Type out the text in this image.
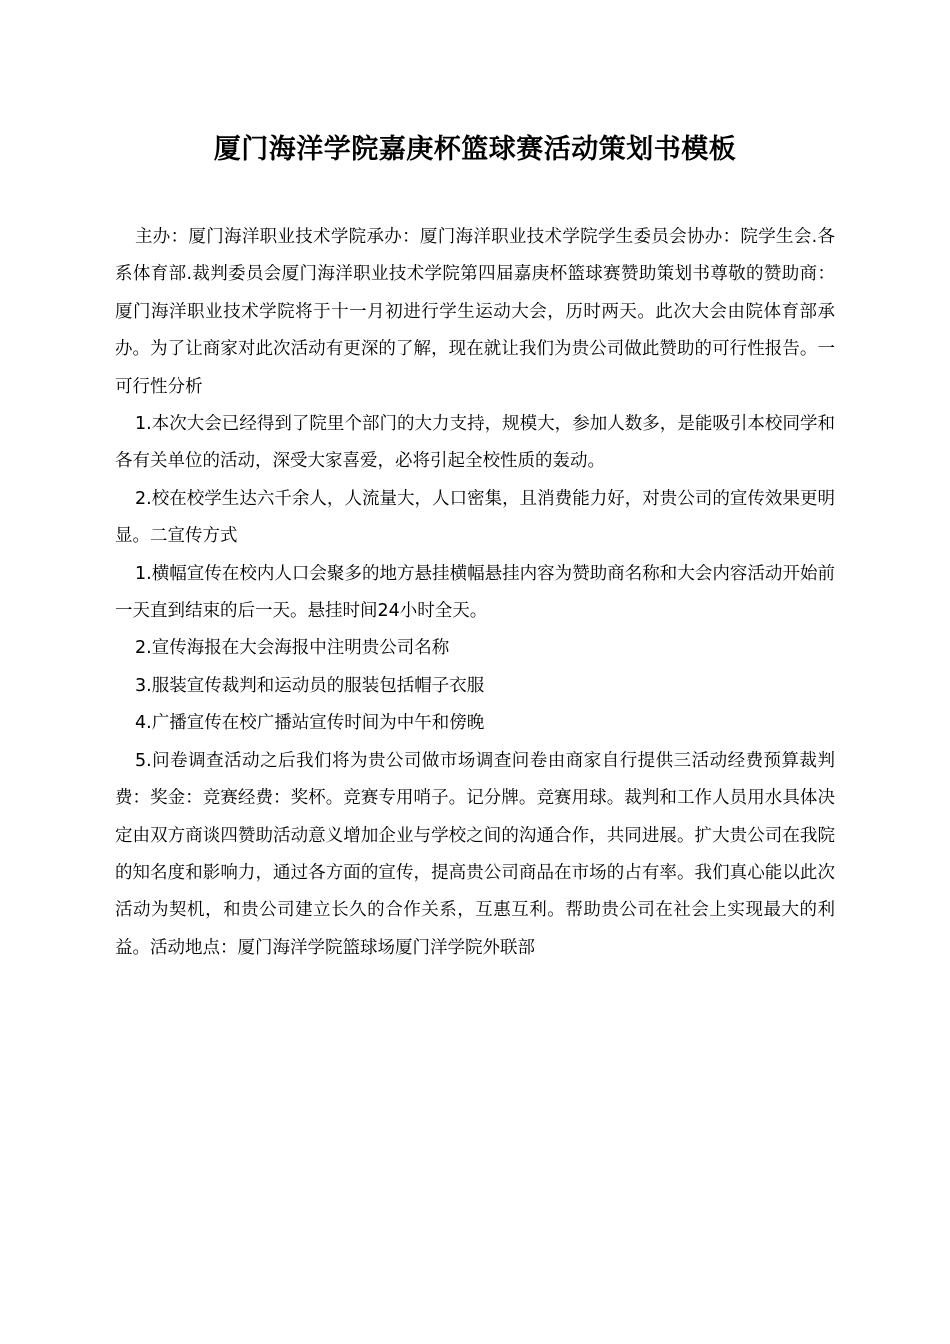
厦门海洋学院嘉庚杯篮球赛活动策划书模板

主办：厦门海洋职业技术学院承办：厦门海洋职业技术学院学生委员会协办：院学生会.各系体育部.裁判委员会厦门海洋职业技术学院第四届嘉庚杯篮球赛赞助策划书尊敬的赞助商：厦门海洋职业技术学院将于十一月初进行学生运动大会，历时两天。此次大会由院体育部承办。为了让商家对此次活动有更深的了解，现在就让我们为贵公司做此赞助的可行性报告。一可行性分析

1.本次大会已经得到了院里个部门的大力支持，规模大，参加人数多，是能吸引本校同学和各有关单位的活动，深受大家喜爱，必将引起全校性质的轰动。

2.校在校学生达六千余人，人流量大，人口密集，且消费能力好，对贵公司的宣传效果更明显。二宣传方式

1.横幅宣传在校内人口会聚多的地方悬挂横幅悬挂内容为赞助商名称和大会内容活动开始前一天直到结束的后一天。悬挂时间24小时全天。

2.宣传海报在大会海报中注明贵公司名称

3.服装宣传裁判和运动员的服装包括帽子衣服

4.广播宣传在校广播站宣传时间为中午和傍晚

5.问卷调查活动之后我们将为贵公司做市场调查问卷由商家自行提供三活动经费预算裁判费：奖金：竞赛经费：奖杯。竞赛专用哨子。记分牌。竞赛用球。裁判和工作人员用水具体决定由双方商谈四赞助活动意义增加企业与学校之间的沟通合作，共同进展。扩大贵公司在我院的知名度和影响力，通过各方面的宣传，提高贵公司商品在市场的占有率。我们真心能以此次活动为契机，和贵公司建立长久的合作关系，互惠互利。帮助贵公司在社会上实现最大的利益。活动地点：厦门海洋学院篮球场厦门洋学院外联部
